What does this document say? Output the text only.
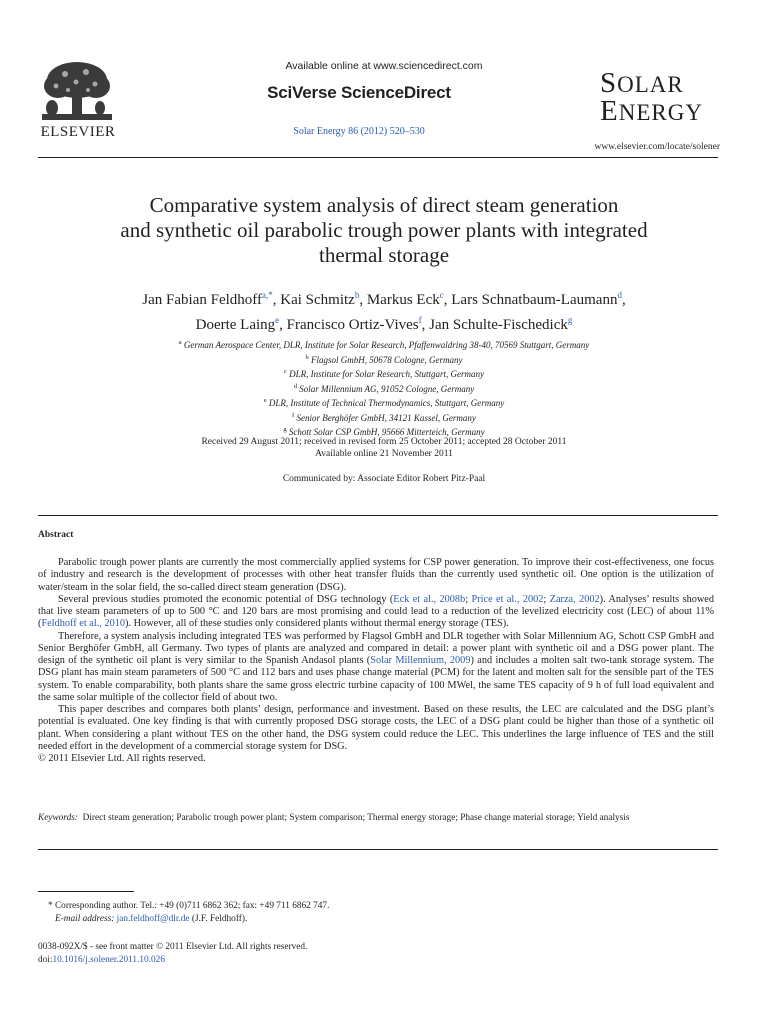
ELSEVIER
Available online at www.sciencedirect.com
SciVerse ScienceDirect
Solar Energy 86 (2012) 520–530
SOLAR
ENERGY
www.elsevier.com/locate/solener
Comparative system analysis of direct steam generation
and synthetic oil parabolic trough power plants with integrated
thermal storage
Jan Fabian Feldhoff$^{a,*}$, Kai Schmitz$^b$, Markus Eck$^c$, Lars Schnatbaum-Laumann$^d$,
Doerte Laing$^e$, Francisco Ortiz-Vives$^f$, Jan Schulte-Fischedick$^g$
$^a$ German Aerospace Center, DLR, Institute for Solar Research, Pfaffenwaldring 38-40, 70569 Stuttgart, Germany
$^b$ Flagsol GmbH, 50678 Cologne, Germany
$^c$ DLR, Institute for Solar Research, Stuttgart, Germany
$^d$ Solar Millennium AG, 91052 Cologne, Germany
$^e$ DLR, Institute of Technical Thermodynamics, Stuttgart, Germany
$^f$ Senior Berghöfer GmbH, 34121 Kassel, Germany
$^g$ Schott Solar CSP GmbH, 95666 Mitterteich, Germany
Received 29 August 2011; received in revised form 25 October 2011; accepted 28 October 2011
Available online 21 November 2011
Communicated by: Associate Editor Robert Pitz-Paal
Abstract

Parabolic trough power plants are currently the most commercially applied systems for CSP power generation. To improve their cost-effectiveness, one focus of industry and research is the development of processes with other heat transfer fluids than the currently used synthetic oil. One option is the utilization of water/steam in the solar field, the so-called direct steam generation (DSG).

Several previous studies promoted the economic potential of DSG technology (Eck et al., 2008b; Price et al., 2002; Zarza, 2002). Analyses’ results showed that live steam parameters of up to 500 °C and 120 bars are most promising and could lead to a reduction of the levelized electricity cost (LEC) of about 11% (Feldhoff et al., 2010). However, all of these studies only considered plants without thermal energy storage (TES).

Therefore, a system analysis including integrated TES was performed by Flagsol GmbH and DLR together with Solar Millennium AG, Schott CSP GmbH and Senior Berghöfer GmbH, all Germany. Two types of plants are analyzed and compared in detail: a power plant with synthetic oil and a DSG power plant. The design of the synthetic oil plant is very similar to the Spanish Andasol plants (Solar Millennium, 2009) and includes a molten salt two-tank storage system. The DSG plant has main steam parameters of 500 °C and 112 bars and uses phase change material (PCM) for the latent and molten salt for the sensible part of the TES system. To enable comparability, both plants share the same gross electric turbine capacity of 100 MWel, the same TES capacity of 9 h of full load equivalent and the same solar multiple of the collector field of about two.

This paper describes and compares both plants’ design, performance and investment. Based on these results, the LEC are calculated and the DSG plant’s potential is evaluated. One key finding is that with currently proposed DSG storage costs, the LEC of a DSG plant could be higher than those of a synthetic oil plant. When considering a plant without TES on the other hand, the DSG system could reduce the LEC. This underlines the large influence of TES and the still needed effort in the development of a commercial storage system for DSG.

© 2011 Elsevier Ltd. All rights reserved.

Keywords: Direct steam generation; Parabolic trough power plant; System comparison; Thermal energy storage; Phase change material storage; Yield analysis
* Corresponding author. Tel.: +49 (0)711 6862 362; fax: +49 711 6862 747.
E-mail address: jan.feldhoff@dlr.de (J.F. Feldhoff).
0038-092X/$ - see front matter © 2011 Elsevier Ltd. All rights reserved.
doi:10.1016/j.solener.2011.10.026
